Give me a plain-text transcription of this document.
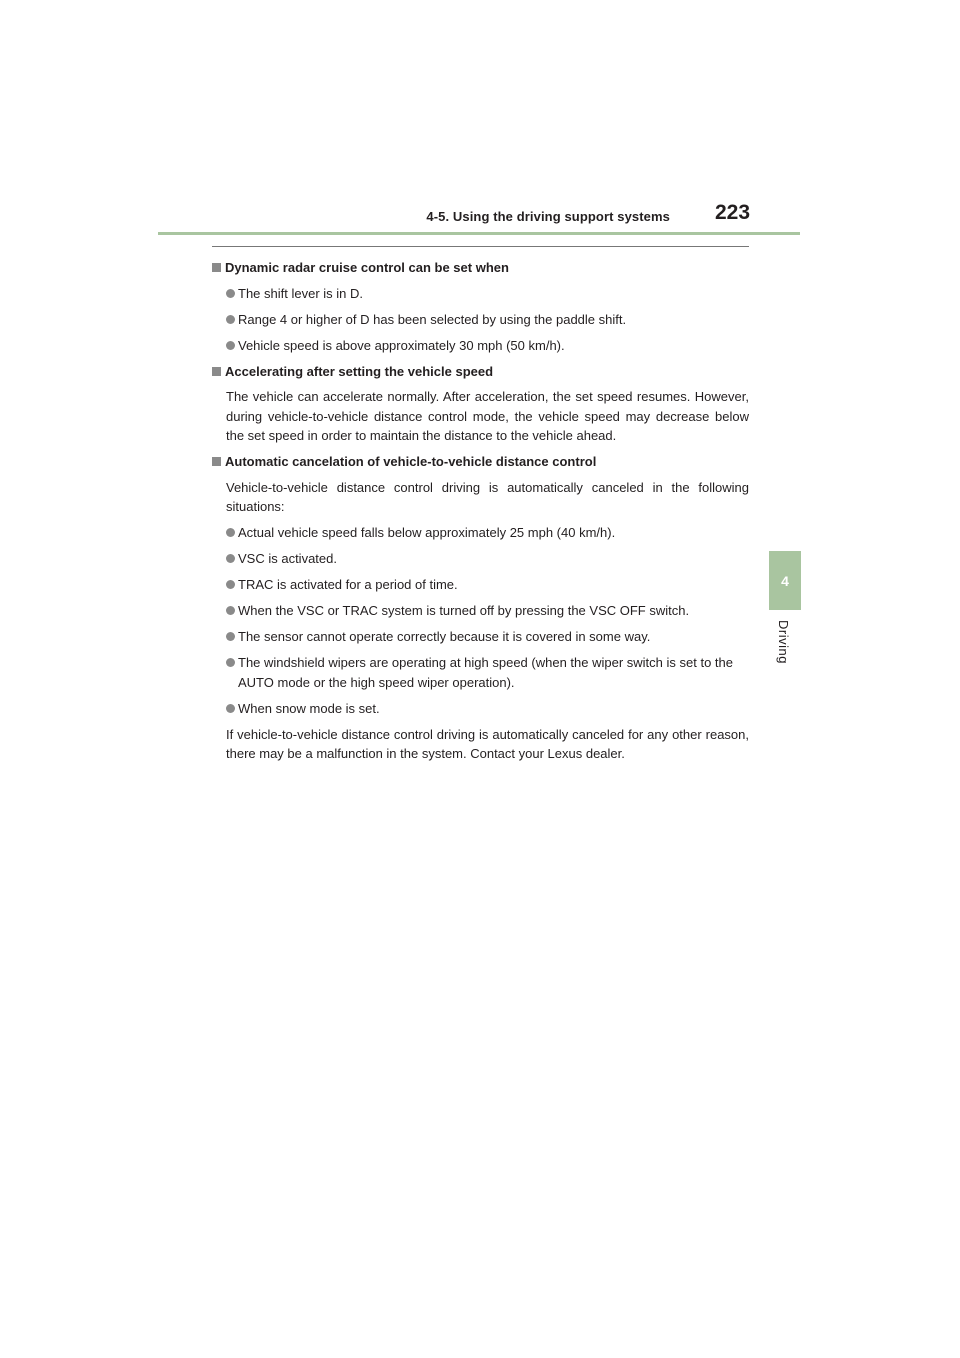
4-5. Using the driving support systems 223
4
Driving
Dynamic radar cruise control can be set when
The shift lever is in D.
Range 4 or higher of D has been selected by using the paddle shift.
Vehicle speed is above approximately 30 mph (50 km/h).
Accelerating after setting the vehicle speed
The vehicle can accelerate normally. After acceleration, the set speed resumes. However, during vehicle-to-vehicle distance control mode, the vehicle speed may decrease below the set speed in order to maintain the distance to the vehicle ahead.
Automatic cancelation of vehicle-to-vehicle distance control
Vehicle-to-vehicle distance control driving is automatically canceled in the following situations:
Actual vehicle speed falls below approximately 25 mph (40 km/h).
VSC is activated.
TRAC is activated for a period of time.
When the VSC or TRAC system is turned off by pressing the VSC OFF switch.
The sensor cannot operate correctly because it is covered in some way.
The windshield wipers are operating at high speed (when the wiper switch is set to the AUTO mode or the high speed wiper operation).
When snow mode is set.
If vehicle-to-vehicle distance control driving is automatically canceled for any other reason, there may be a malfunction in the system. Contact your Lexus dealer.
